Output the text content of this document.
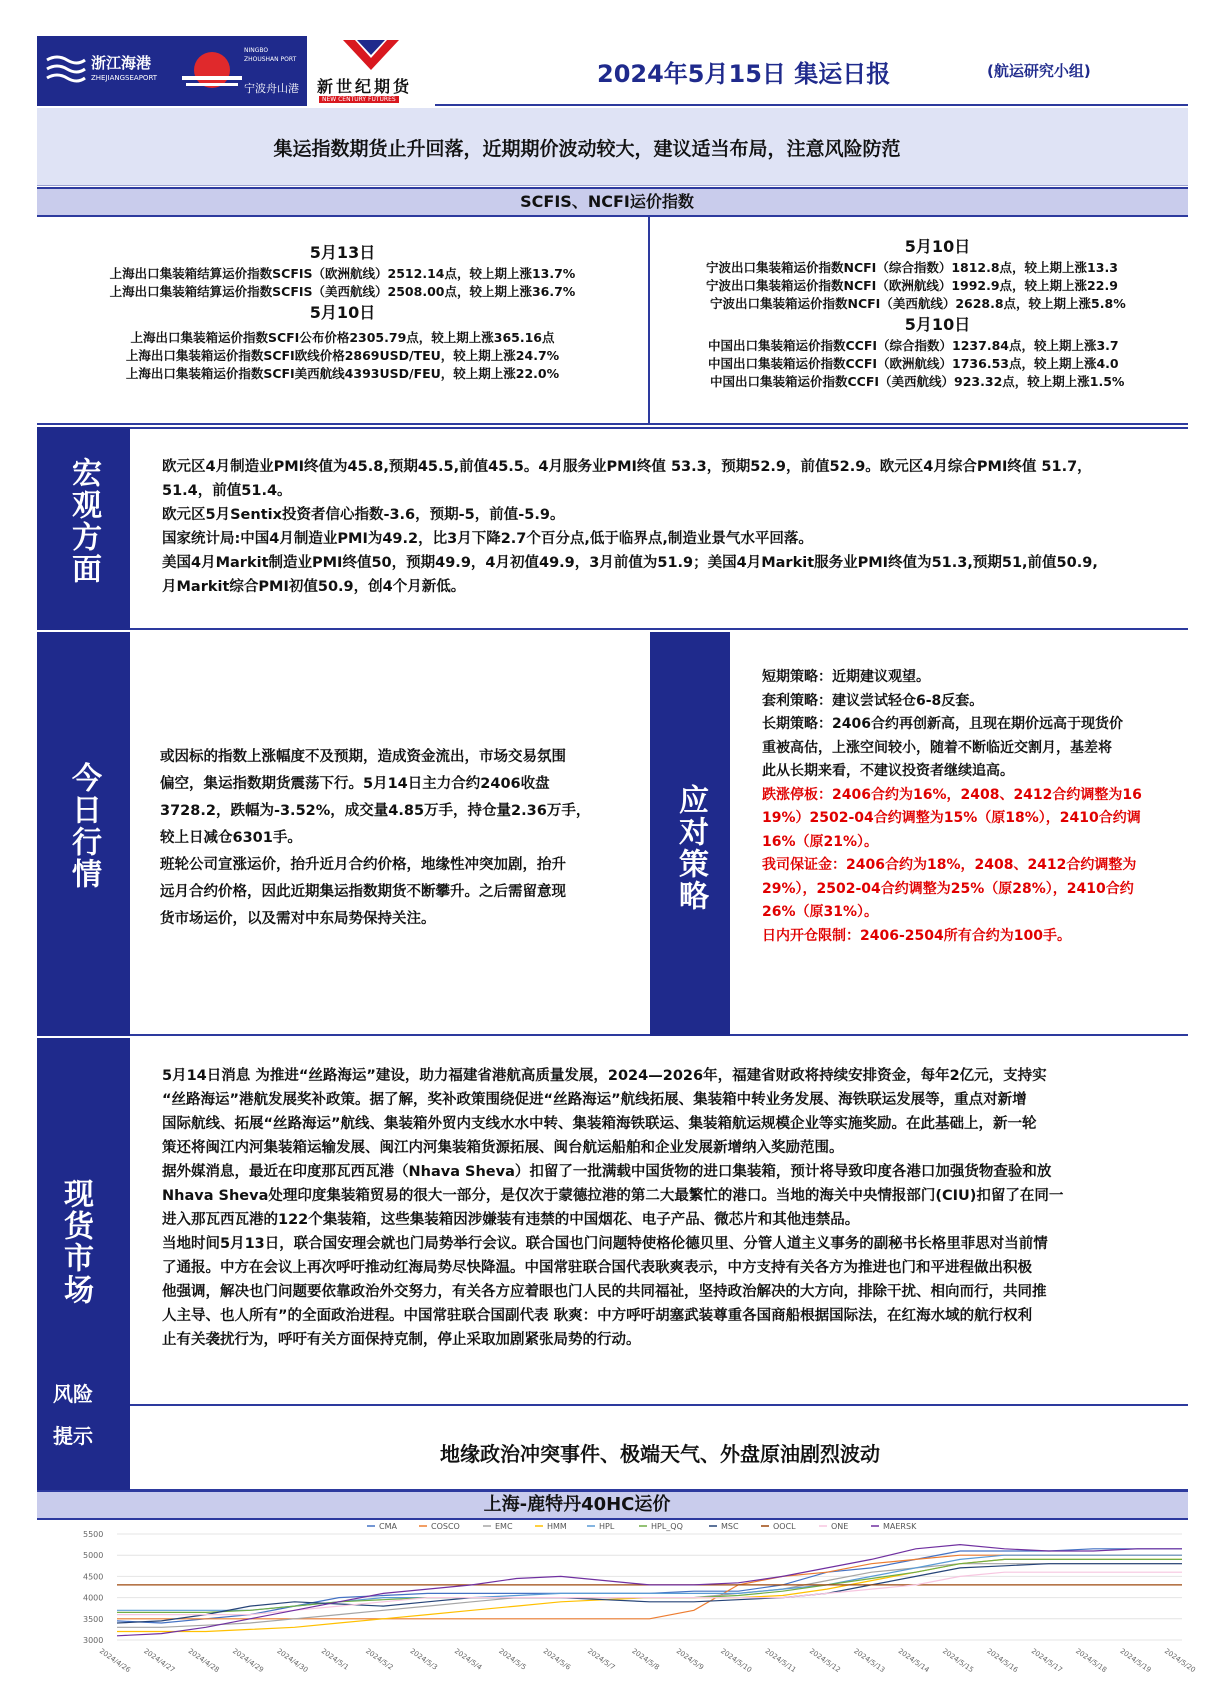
浙江海港
ZHEJIANGSEAPORT
NINGBO ZHOUSHAN PORT
宁波舟山港 新世纪期货
NEW CENTURY FUTURES
2024年5月15日 集运日报	(航运研究小组)
集运指数期货止升回落，近期期价波动较大，建议适当布局，注意风险防范
SCFIS、NCFI运价指数

5月13日

上海出口集装箱结算运价指数SCFIS（欧洲航线）2512.14点，较上期上涨13.7%

上海出口集装箱结算运价指数SCFIS（美西航线）2508.00点，较上期上涨36.7%

5月10日

上海出口集装箱运价指数SCFI公布价格2305.79点，较上期上涨365.16点

上海出口集装箱运价指数SCFI欧线价格2869USD/TEU，较上期上涨24.7%

上海出口集装箱运价指数SCFI美西航线4393USD/FEU，较上期上涨22.0%

5月10日

宁波出口集装箱运价指数NCFI（综合指数）1812.8点，较上期上涨13.3

宁波出口集装箱运价指数NCFI（欧洲航线）1992.9点，较上期上涨22.9

宁波出口集装箱运价指数NCFI（美西航线）2628.8点，较上期上涨5.8%

5月10日

中国出口集装箱运价指数CCFI（综合指数）1237.84点，较上期上涨3.7

中国出口集装箱运价指数CCFI（欧洲航线）1736.53点，较上期上涨4.0

中国出口集装箱运价指数CCFI（美西航线）923.32点，较上期上涨1.5%

宏观方面	欧元区4月制造业PMI终值为45.8,预期45.5,前值45.5。4月服务业PMI终值 53.3，预期52.9，前值52.9。欧元区4月综合PMI终值 51.7，

51.4，前值51.4。

欧元区5月Sentix投资者信心指数-3.6，预期-5，前值-5.9。

国家统计局:中国4月制造业PMI为49.2，比3月下降2.7个百分点,低于临界点,制造业景气水平回落。

美国4月Markit制造业PMI终值50，预期49.9，4月初值49.9，3月前值为51.9；美国4月Markit服务业PMI终值为51.3,预期51,前值50.9,

月Markit综合PMI初值50.9，创4个月新低。

今日行情

或因标的指数上涨幅度不及预期，造成资金流出，市场交易氛围

偏空，集运指数期货震荡下行。5月14日主力合约2406收盘

3728.2，跌幅为-3.52%，成交量4.85万手，持仓量2.36万手，

较上日减仓6301手。

班轮公司宣涨运价，抬升近月合约价格，地缘性冲突加剧，抬升

远月合约价格，因此近期集运指数期货不断攀升。之后需留意现

货市场运价，以及需对中东局势保持关注。

应对策略

短期策略：近期建议观望。

套利策略：建议尝试轻仓6-8反套。

长期策略：2406合约再创新高，且现在期价远高于现货价

重被高估，上涨空间较小，随着不断临近交割月，基差将

此从长期来看，不建议投资者继续追高。

跌涨停板：2406合约为16%，2408、2412合约调整为16

19%）2502-04合约调整为15%（原18%），2410合约调

16%（原21%）。

我司保证金：2406合约为18%，2408、2412合约调整为

29%），2502-04合约调整为25%（原28%），2410合约

26%（原31%）。

日内开仓限制：2406-2504所有合约为100手。

现货市场
风险
提示

5月14日消息 为推进“丝路海运”建设，助力福建省港航高质量发展，2024—2026年，福建省财政将持续安排资金，每年2亿元，支持实

“丝路海运”港航发展奖补政策。据了解，奖补政策围绕促进“丝路海运”航线拓展、集装箱中转业务发展、海铁联运发展等，重点对新增

国际航线、拓展“丝路海运”航线、集装箱外贸内支线水水中转、集装箱海铁联运、集装箱航运规模企业等实施奖励。在此基础上，新一轮

策还将闽江内河集装箱运输发展、闽江内河集装箱货源拓展、闽台航运船舶和企业发展新增纳入奖励范围。

据外媒消息，最近在印度那瓦西瓦港（Nhava Sheva）扣留了一批满载中国货物的进口集装箱，预计将导致印度各港口加强货物查验和放

Nhava Sheva处理印度集装箱贸易的很大一部分，是仅次于蒙德拉港的第二大最繁忙的港口。当地的海关中央情报部门(CIU)扣留了在同一

进入那瓦西瓦港的122个集装箱，这些集装箱因涉嫌装有违禁的中国烟花、电子产品、微芯片和其他违禁品。

当地时间5月13日，联合国安理会就也门局势举行会议。联合国也门问题特使格伦德贝里、分管人道主义事务的副秘书长格里菲思对当前情

了通报。中方在会议上再次呼吁推动红海局势尽快降温。中国常驻联合国代表耿爽表示，中方支持有关各方为推进也门和平进程做出积极

他强调，解决也门问题要依靠政治外交努力，有关各方应着眼也门人民的共同福祉，坚持政治解决的大方向，排除干扰、相向而行，共同推

人主导、也人所有”的全面政治进程。中国常驻联合国副代表 耿爽：中方呼吁胡塞武装尊重各国商船根据国际法，在红海水域的航行权利

止有关袭扰行为，呼吁有关方面保持克制，停止采取加剧紧张局势的行动。

地缘政治冲突事件、极端天气、外盘原油剧烈波动
上海-鹿特丹40HC运价
3000
3500
4000
4500
5000
5500
2024/4/26 2024/4/27 2024/4/28 2024/4/29 2024/4/30 2024/5/1 2024/5/2 2024/5/3 2024/5/4 2024/5/5 2024/5/6 2024/5/7 2024/5/8 2024/5/9 2024/5/10 2024/5/11 2024/5/12 2024/5/13 2024/5/14 2024/5/15 2024/5/16 2024/5/17 2024/5/18 2024/5/19 2024/5/20
CMA	COSCO	EMC	HMM	HPL	HPL_QQ	MSC	OOCL	ONE	MAERSK
